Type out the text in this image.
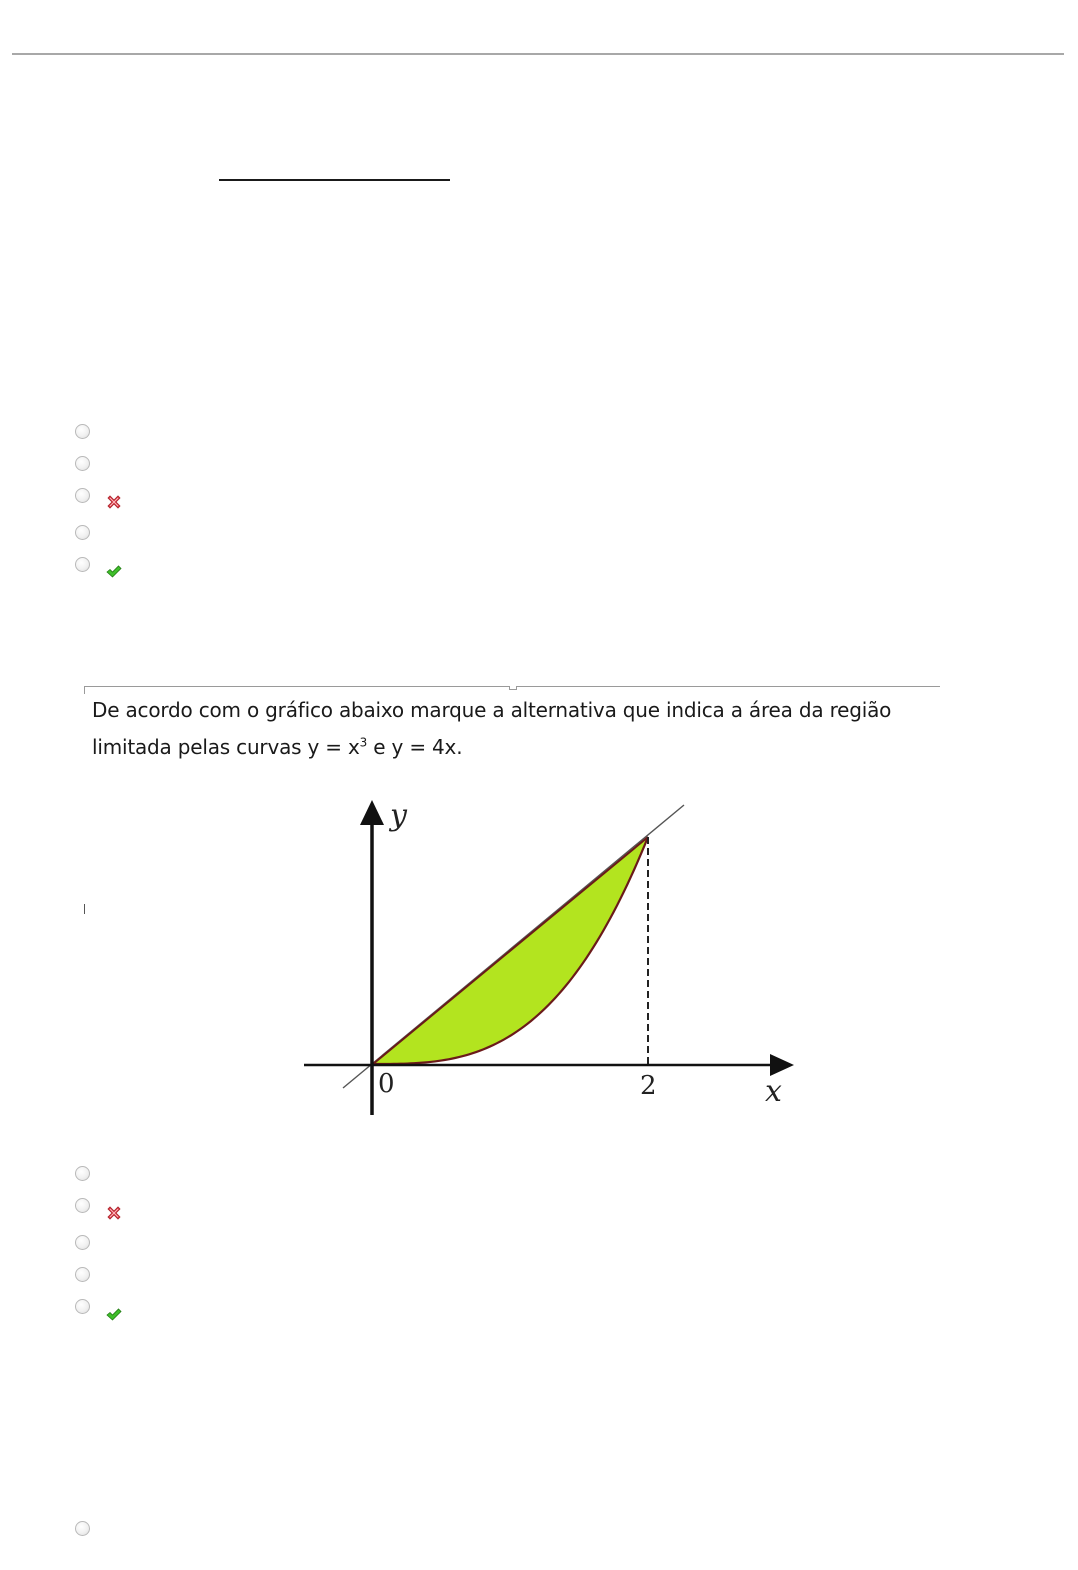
De acordo com o gráfico abaixo marque a alternativa que indica a área da região limitada pelas curvas $y = x^3$ e y = 4x.
y
x
0	2
